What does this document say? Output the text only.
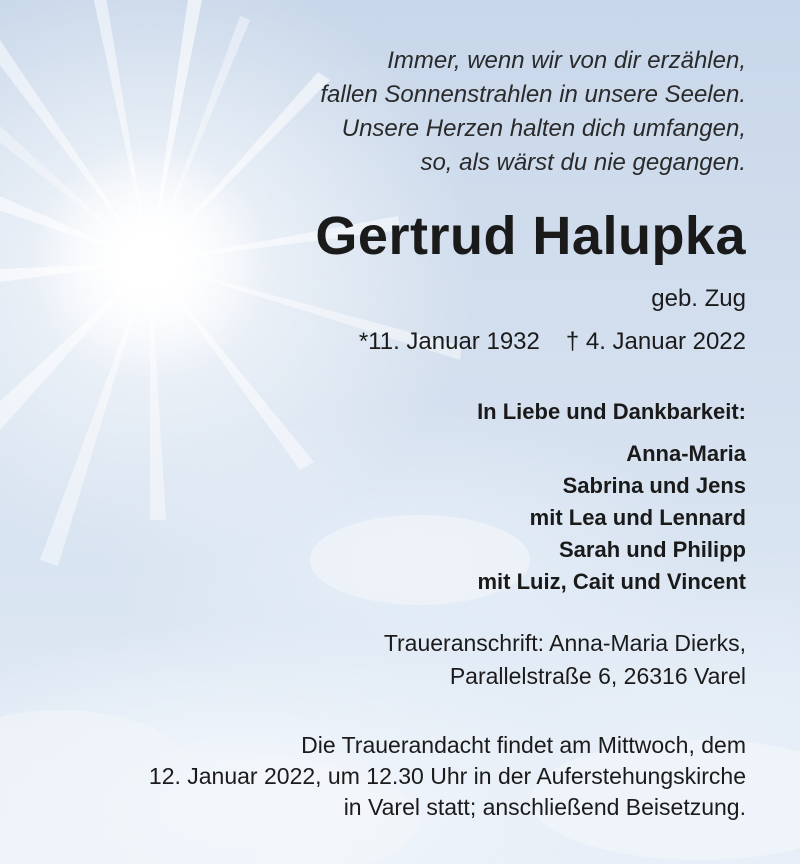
Immer, wenn wir von dir erzählen,
fallen Sonnenstrahlen in unsere Seelen.
Unsere Herzen halten dich umfangen,
so, als wärst du nie gegangen.
Gertrud Halupka
geb. Zug
*11. Januar 1932 † 4. Januar 2022
In Liebe und Dankbarkeit:
Anna-Maria
Sabrina und Jens
mit Lea und Lennard
Sarah und Philipp
mit Luiz, Cait und Vincent
Traueranschrift: Anna-Maria Dierks,
Parallelstraße 6, 26316 Varel
Die Trauerandacht findet am Mittwoch, dem
12. Januar 2022, um 12.30 Uhr in der Auferstehungskirche
in Varel statt; anschließend Beisetzung.
